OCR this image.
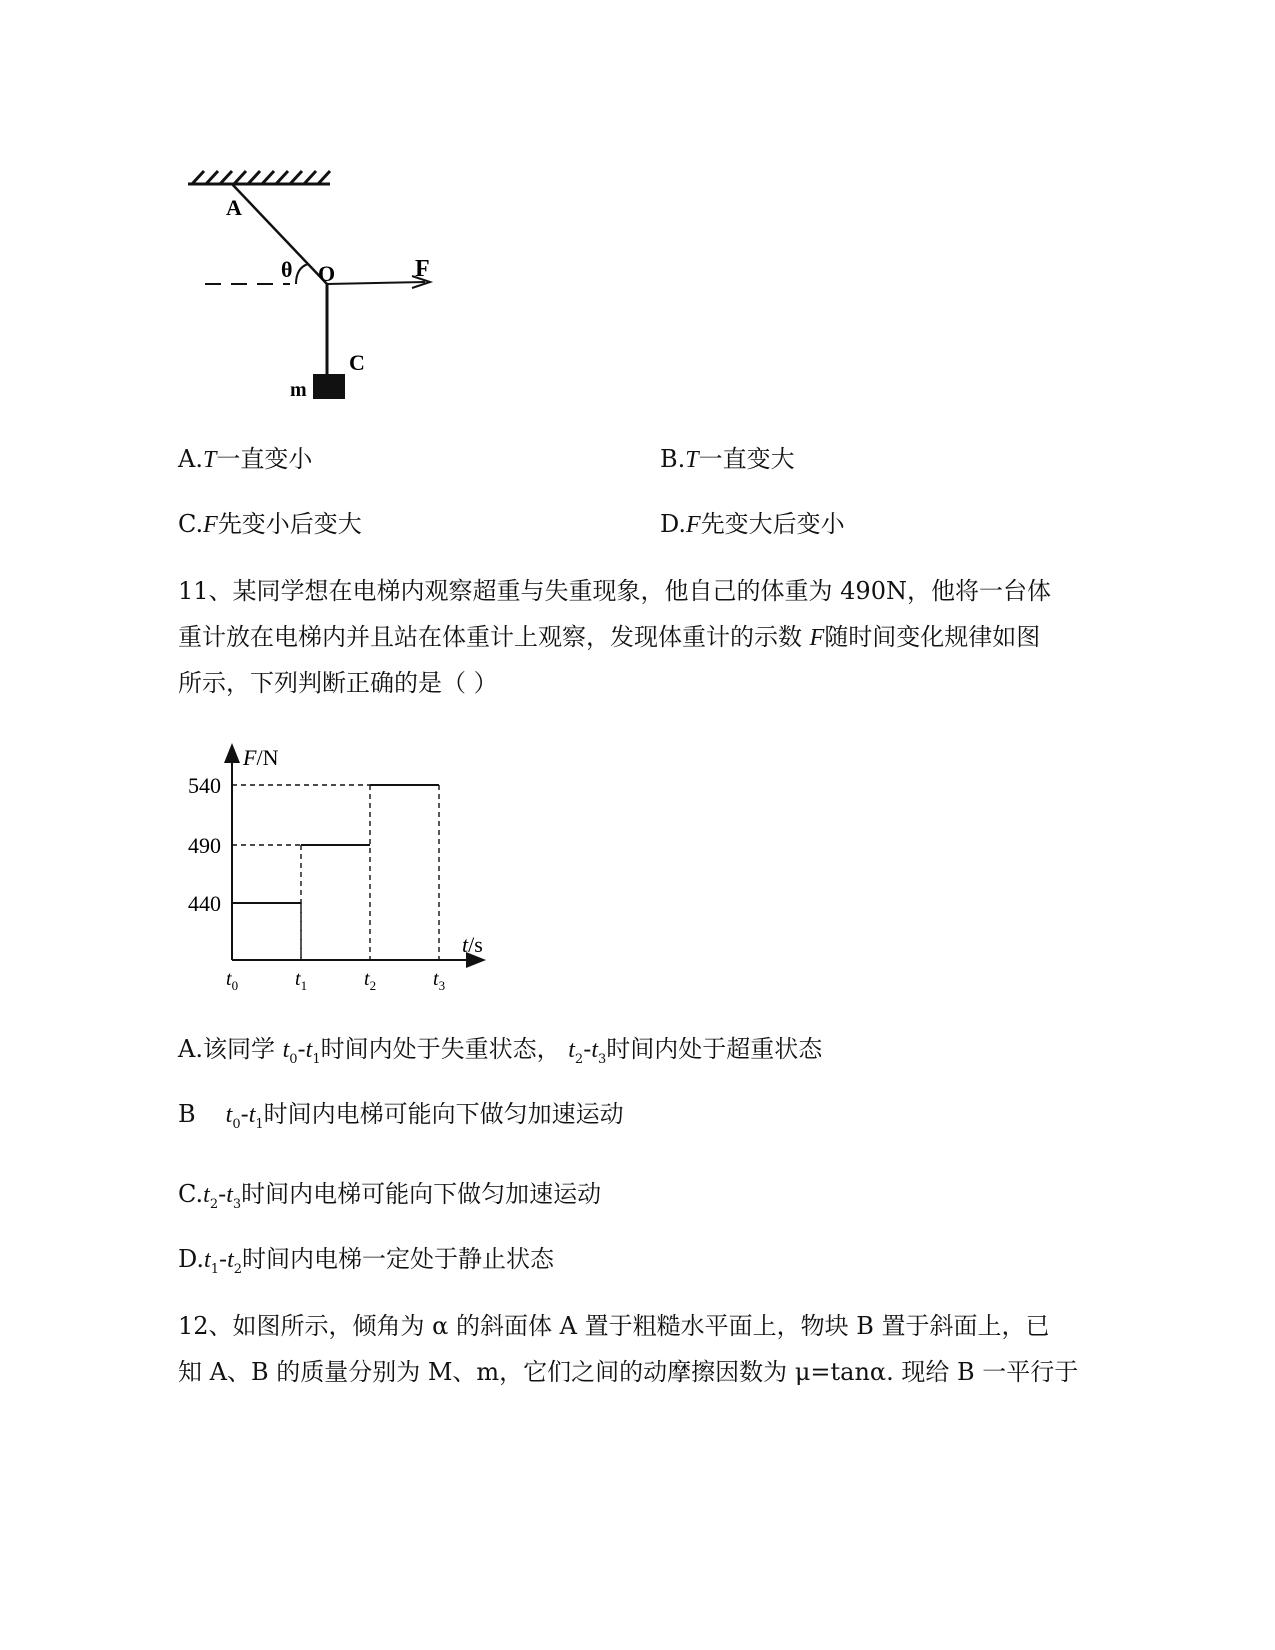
A
θ O	F
C
m
A.T一直变小	B.T一直变大
C.F先变小后变大	D.F先变大后变小
11、某同学想在电梯内观察超重与失重现象，他自己的体重为 490N，他将一台体
重计放在电梯内并且站在体重计上观察，发现体重计的示数 F随时间变化规律如图
所示，下列判断正确的是（ ）
540
490
440
$t_0$	$t_1$	$t_2$	$t_3$
F/N
t/s
A.该同学 $t_0-t_1$时间内处于失重状态， $t_2-t_3$时间内处于超重状态
B $t_0-t_1$时间内电梯可能向下做匀加速运动
$C.t_2-t_3$时间内电梯可能向下做匀加速运动
$D.t_1-t_2$时间内电梯一定处于静止状态
12、如图所示，倾角为 α 的斜面体 A 置于粗糙水平面上，物块 B 置于斜面上，已
知 A、B 的质量分别为 M、m，它们之间的动摩擦因数为 μ=tanα. 现给 B 一平行于
